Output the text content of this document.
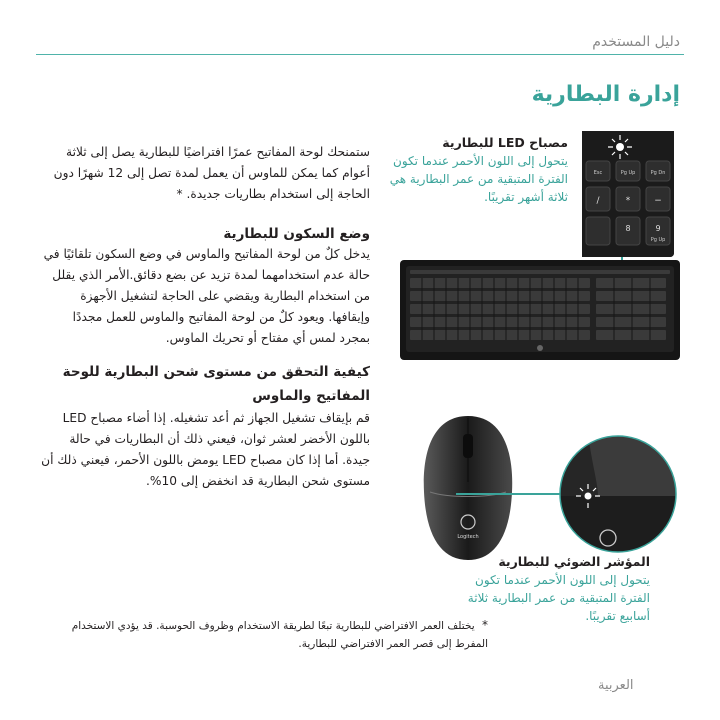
دليل المستخدم
إدارة البطارية
ستمنحك لوحة المفاتيح عمرًا افتراضيًا للبطارية يصل إلى ثلاثة أعوام كما يمكن للماوس أن يعمل لمدة تصل إلى 12 شهرًا دون الحاجة إلى استخدام بطاريات جديدة. *
وضع السكون للبطارية
يدخل كلٌ من لوحة المفاتيح والماوس في وضع السكون تلقائيًا في حالة عدم استخدامهما لمدة تزيد عن بضع دقائق.الأمر الذي يقلل من استخدام البطارية ويقضي على الحاجة لتشغيل الأجهزة وإيقافها. ويعود كلٌ من لوحة المفاتيح والماوس للعمل مجددًا بمجرد لمس أي مفتاح أو تحريك الماوس.
كيفية التحقق من مستوى شحن البطارية للوحة المفاتيح والماوس
قم بإيقاف تشغيل الجهاز ثم أعد تشغيله. إذا أضاء مصباح LED باللون الأخضر لعشر ثوان، فيعني ذلك أن البطاريات في حالة جيدة. أما إذا كان مصباح LED يومض باللون الأحمر، فيعني ذلك أن مستوى شحن البطارية قد انخفض إلى 10%.
مصباح LED للبطارية
يتحول إلى اللون الأحمر عندما تكون الفترة المتبقية من عمر البطارية هي ثلاثة أشهر تقريبًا.
Esc	Pg Up	Pg Dn
/	*	−
8	9
Pg Up
Logitech
المؤشر الضوئي للبطارية
يتحول إلى اللون الأحمر عندما تكون الفترة المتبقية من عمر البطارية ثلاثة أسابيع تقريبًا.
* يختلف العمر الافتراضي للبطارية تبعًا لطريقة الاستخدام وظروف الحوسبة. قد يؤدي الاستخدام المفرط إلى قصر العمر الافتراضي للبطارية.
العربية
